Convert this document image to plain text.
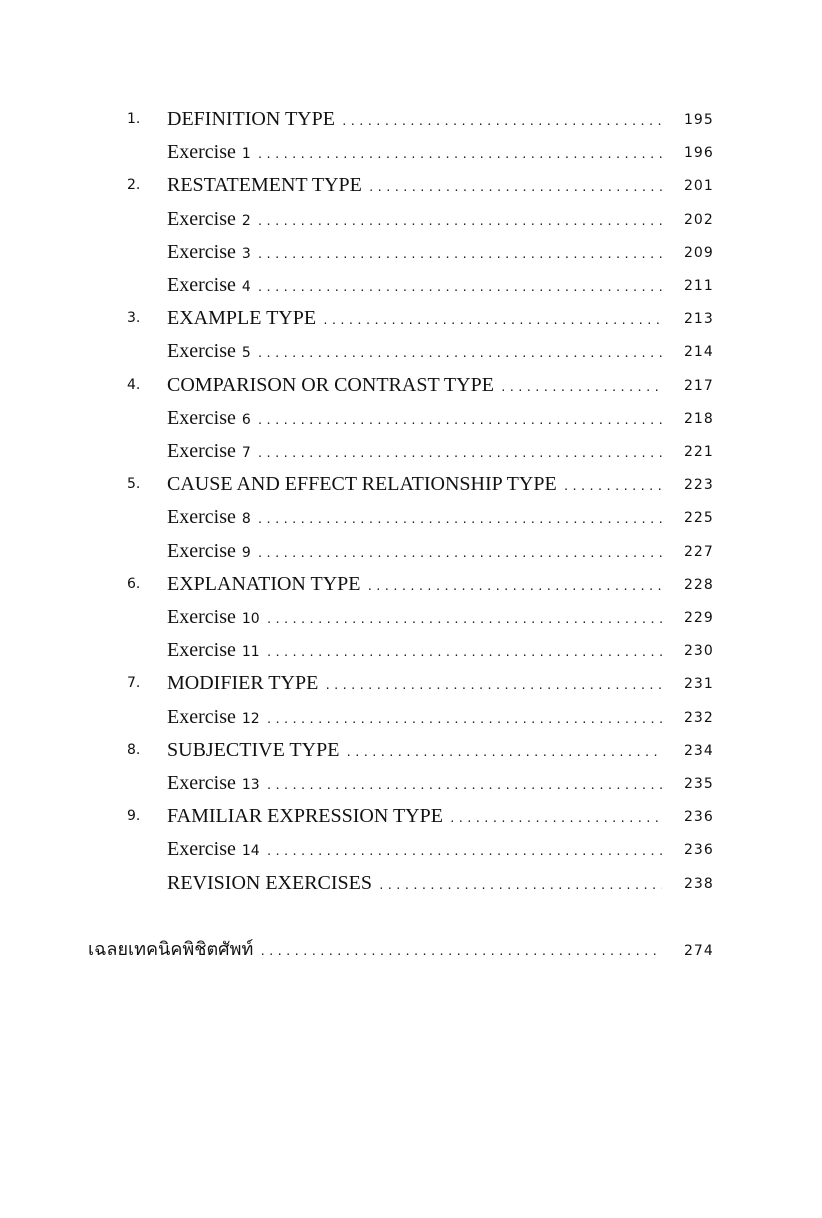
1.	DEFINITION TYPE .....	195
Exercise 1 .....	196
2.	RESTATEMENT TYPE .....	201
Exercise 2 .....	202
Exercise 3 .....	209
Exercise 4 .....	211
3.	EXAMPLE TYPE .....	213
Exercise 5 .....	214
4.	COMPARISON OR CONTRAST TYPE .....	217
Exercise 6 .....	218
Exercise 7 .....	221
5.	CAUSE AND EFFECT RELATIONSHIP TYPE .....	223
Exercise 8 .....	225
Exercise 9 .....	227
6.	EXPLANATION TYPE .....	228
Exercise 10 .....	229
Exercise 11 .....	230
7.	MODIFIER TYPE .....	231
Exercise 12 .....	232
8.	SUBJECTIVE TYPE .....	234
Exercise 13 .....	235
9.	FAMILIAR EXPRESSION TYPE .....	236
Exercise 14 .....	236
REVISION EXERCISES .....	238
เฉลยเทคนิคพิชิตศัพท์ .....	274
